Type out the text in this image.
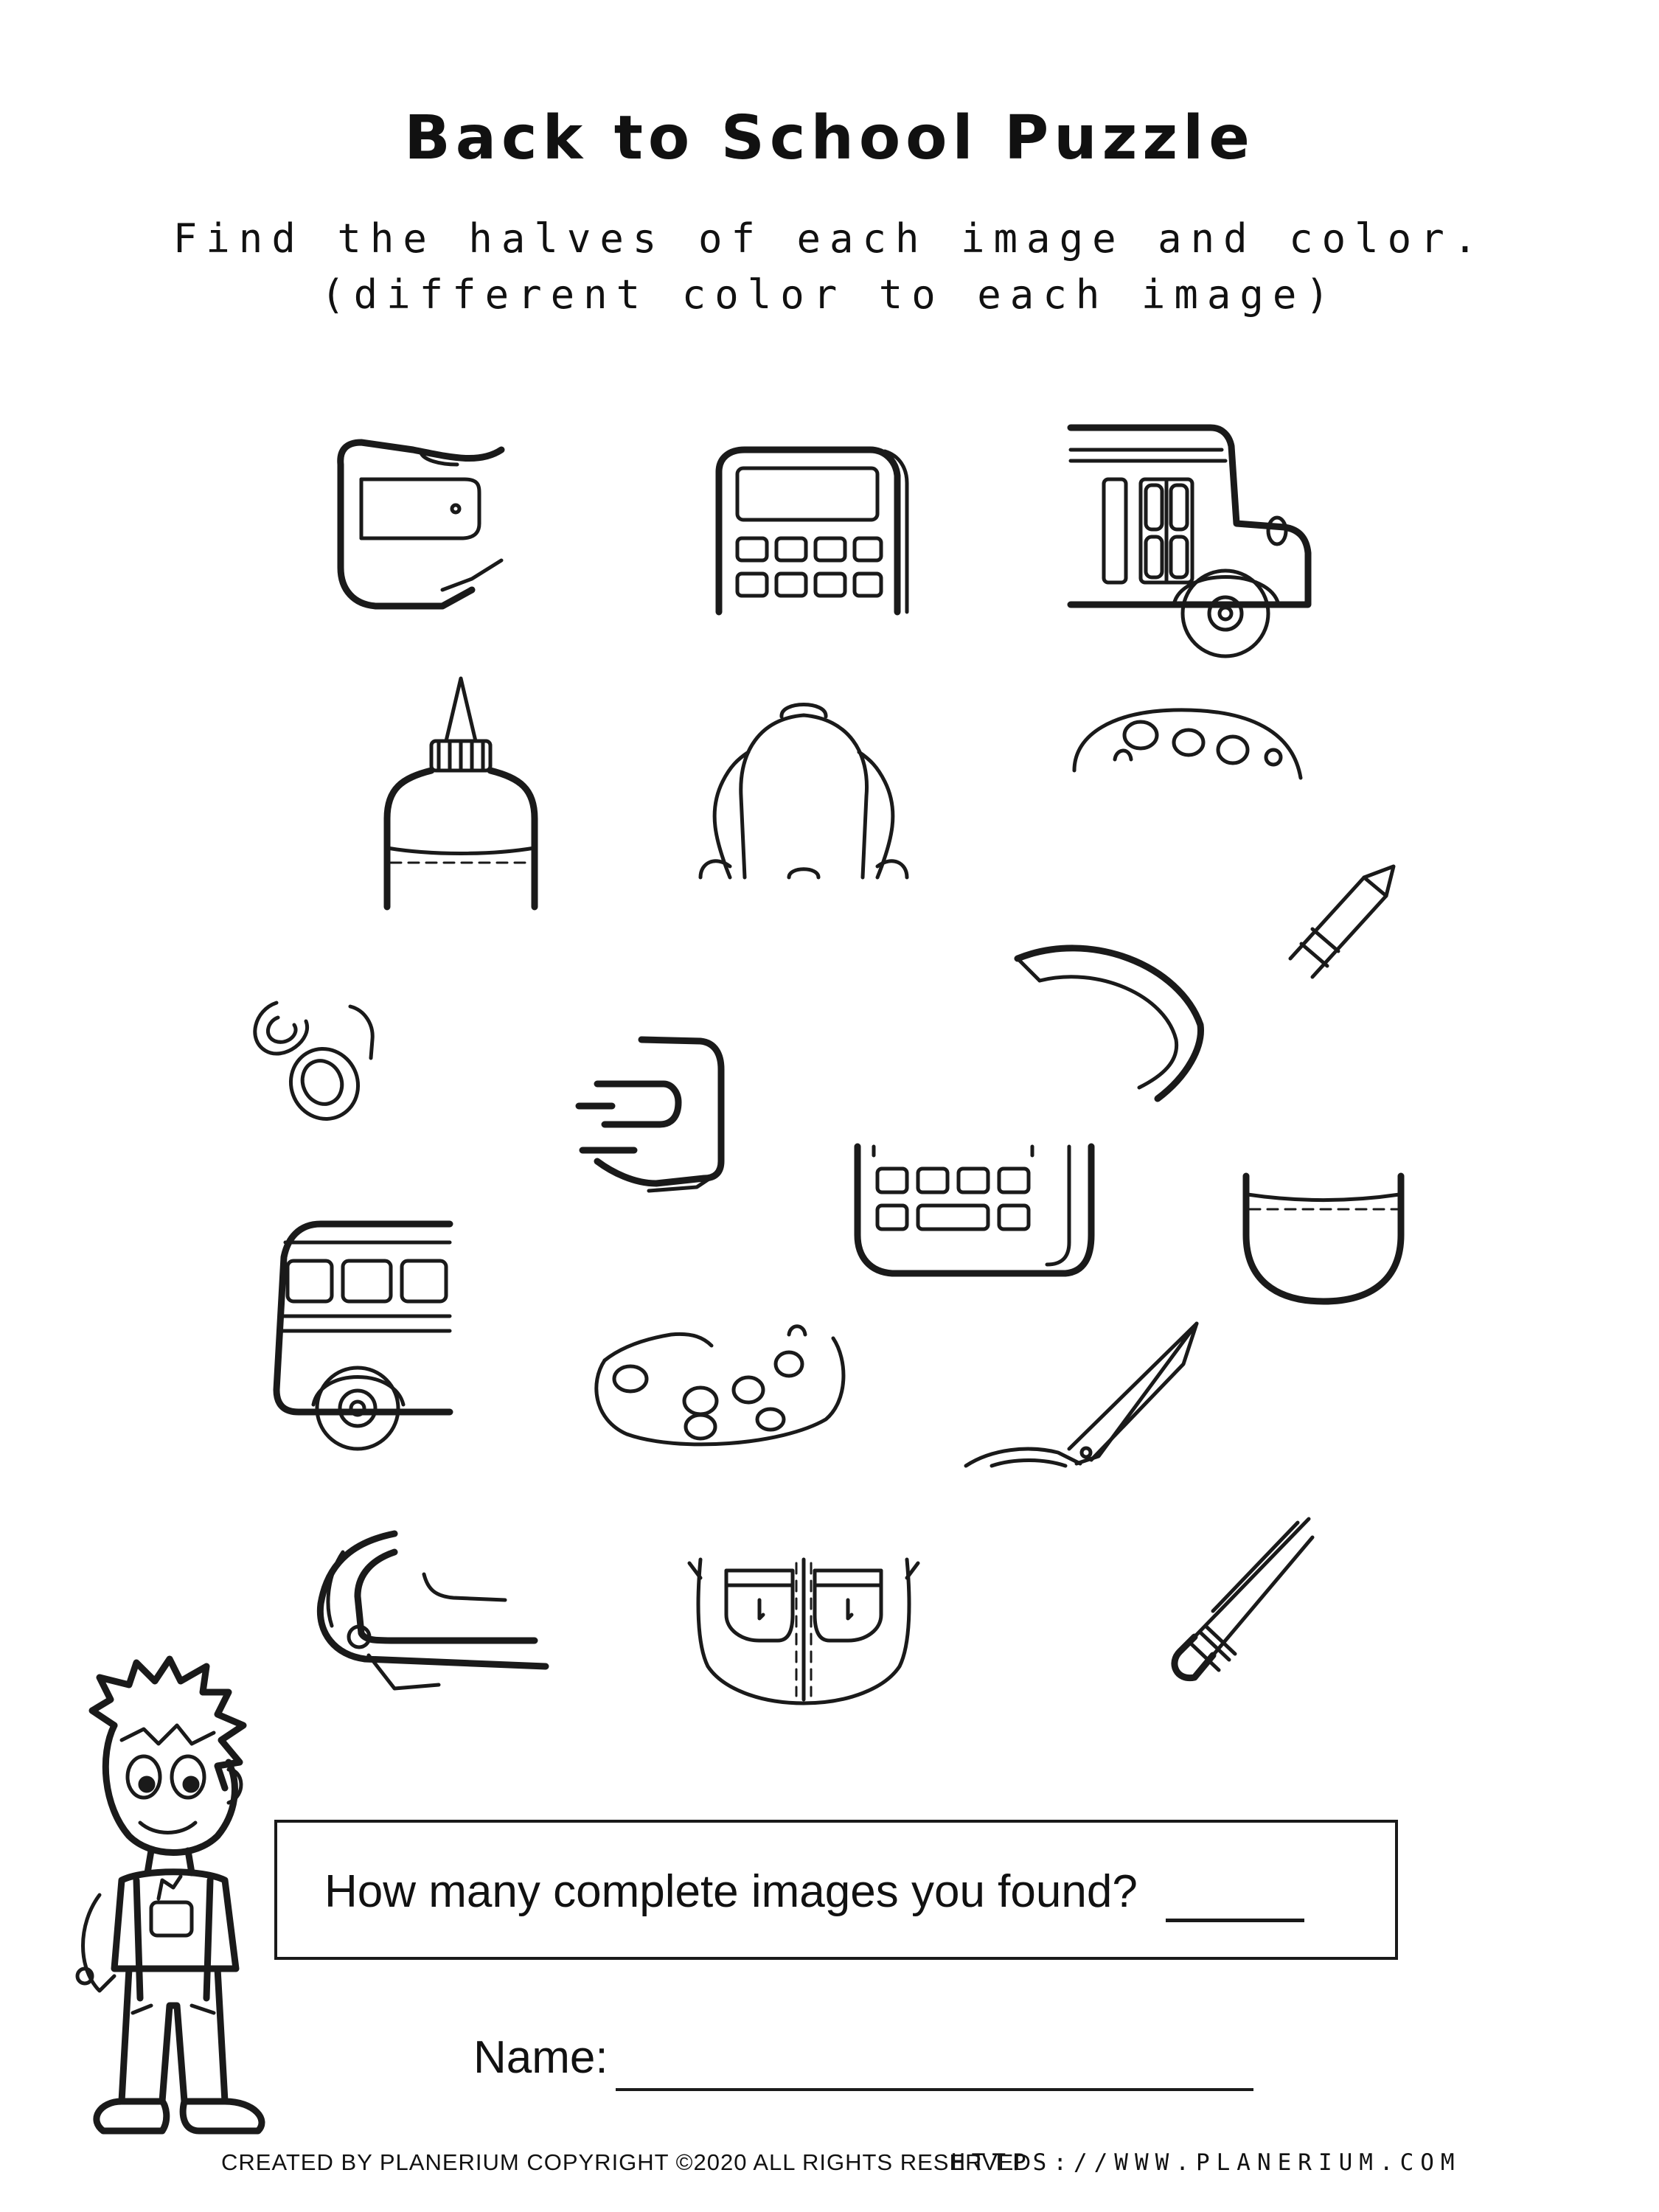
Back to School Puzzle
Find the halves of each image and color.
(different color to each image)
How many complete images you found?
Name:
CREATED BY PLANERIUM COPYRIGHT ©2020 ALL RIGHTS RESERVED
HTTPS://WWW.PLANERIUM.COM
